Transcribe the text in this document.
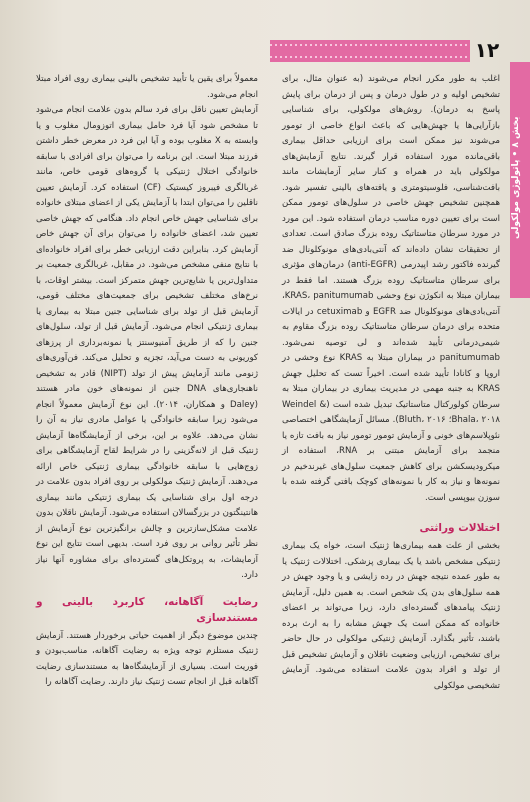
۱۲
بخش ۸ • پاتولوژی مولکولی

اغلب به طور مکرر انجام می‌شوند (به عنوان مثال، برای تشخیص اولیه و در طول درمان و پس از درمان برای پایش پاسخ به درمان). روش‌های مولکولی، برای شناسایی بازآرایی‌ها یا جهش‌هایی که باعث انواع خاصی از تومور می‌شوند نیز ممکن است برای ارزیابی حداقل بیماری باقی‌مانده مورد استفاده قرار گیرند. نتایج آزمایش‌های مولکولی باید در همراه و کنار سایر آزمایشات مانند بافت‌شناسی، فلوسیتومتری و یافته‌های بالینی تفسیر شود. همچنین تشخیص جهش خاصی در سلول‌های تومور ممکن است برای تعیین دوره مناسب درمان استفاده شود. این مورد در مورد سرطان متاستاتیک روده بزرگ صادق است. تعدادی از تحقیقات نشان داده‌اند که آنتی‌بادی‌های مونوکلونال ضد گیرنده فاکتور رشد اپیدرمی (anti-EGFR) درمان‌های مؤثری برای سرطان متاستاتیک روده بزرگ هستند. اما فقط در بیماران مبتلا به انکوژن نوع وحشی KRAS، panitumumab، آنتی‌بادی‌های مونوکلونال ضد EGFR و cetuximab در ایالات متحده برای درمان سرطان متاستاتیک روده بزرگ مقاوم به شیمی‌درمانی تأیید شده‌اند و لی توصیه نمی‌شود. panitumumab در بیماران مبتلا به KRAS نوع وحشی در اروپا و کانادا تأیید شده است. اخیراً تست که تحلیل جهش KRAS به جنبه مهمی در مدیریت بیماری در بیماران مبتلا به سرطان کولورکتال متاستاتیک تبدیل شده است (Weindel & Bhala، ۲۰۱۸؛ Bluth، ۲۰۱۶). مسائل آزمایشگاهی اختصاصی نئوپلاسم‌های خونی و آزمایش تومور تومور نیاز به بافت تازه یا منجمد برای آزمایش مبتنی بر RNA، استفاده از میکرودیسکشن برای کاهش جمعیت سلول‌های غیرندخیم در نمونه‌ها و نیاز به کار با نمونه‌های کوچک بافتی گرفته شده با سوزن بیوپسی است.

اختلالات وراثتی

بخشی از علت همه بیماری‌ها ژنتیک است، خواه یک بیماری ژنتیکی مشخص باشد یا یک بیماری پزشکی. اختلالات ژنتیک یا به طور عمده نتیجه جهش در رده زایشی و یا وجود جهش در همه سلول‌های بدن یک شخص است. به همین دلیل، آزمایش ژنتیک پیامدهای گسترده‌ای دارد، زیرا می‌تواند بر اعضای خانواده که ممکن است یک جهش مشابه را به ارث برده باشند، تأثیر بگذارد. آزمایش ژنتیکی مولکولی در حال حاضر برای تشخیص، ارزیابی وضعیت ناقلان و آزمایش تشخیص قبل از تولد و افراد بدون علامت استفاده می‌شود. آزمایش تشخیصی مولکولی

معمولاً برای یقین یا تأیید تشخیص بالینی بیماری روی افراد مبتلا انجام می‌شود.

آزمایش تعیین ناقل برای فرد سالم بدون علامت انجام می‌شود تا مشخص شود آیا فرد حامل بیماری اتوزومال مغلوب و یا وابسته به X مغلوب بوده و آیا این فرد در معرض خطر داشتن فرزند مبتلا است. این برنامه را می‌توان برای افرادی با سابقه خانوادگی اختلال ژنتیکی یا گروه‌های قومی خاص، مانند غربالگری فیبروز کیستیک (CF) استفاده کرد. آزمایش تعیین ناقلین را می‌توان ابتدا با آزمایش یکی از اعضای مبتلای خانواده برای شناسایی جهش خاص انجام داد. هنگامی که جهش خاصی تعیین شد، اعضای خانواده را می‌توان برای آن جهش خاص آزمایش کرد. بنابراین دقت ارزیابی خطر برای افراد خانواده‌ای با نتایج منفی مشخص می‌شود. در مقابل، غربالگری جمعیت بر متداول‌ترین یا شایع‌ترین جهش متمرکز است. بیشتر اوقات، با نرخ‌های مختلف تشخیص برای جمعیت‌های مختلف قومی، آزمایش قبل از تولد برای شناسایی جنین مبتلا به بیماری یا بیماری ژنتیکی انجام می‌شود. آزمایش قبل از تولد، سلول‌های جنین را که از طریق آمنیوسنتز یا نمونه‌برداری از پرزهای کوریونی به دست می‌آید، تجزیه و تحلیل می‌کند. فن‌آوری‌های ژنومی مانند آزمایش پیش از تولد (NIPT) قادر به تشخیص ناهنجاری‌های DNA جنین از نمونه‌های خون مادر هستند (Daley و همکاران، ۲۰۱۴). این نوع آزمایش معمولاً انجام می‌شود زیرا سابقه خانوادگی یا عوامل مادری نیاز به آن را نشان می‌دهد. علاوه بر این، برخی از آزمایشگاه‌ها آزمایش ژنتیک قبل از لانه‌گزینی را در شرایط لقاح آزمایشگاهی برای زوج‌هایی با سابقه خانوادگی بیماری ژنتیکی خاص ارائه می‌دهند. آزمایش ژنتیک مولکولی بر روی افراد بدون علامت در درجه اول برای شناسایی یک بیماری ژنتیکی مانند بیماری هانتینگتون در بزرگسالان استفاده می‌شود. آزمایش ناقلان بدون علامت مشکل‌سازترین و چالش برانگیزترین نوع آزمایش از نظر تأثیر روانی بر روی فرد است. بدیهی است نتایج این نوع آزمایشات، به پروتکل‌های گسترده‌ای برای مشاوره آنها نیاز دارد.

رضایت آگاهانه، کاربرد بالینی و مستندسازی

چندین موضوع دیگر از اهمیت حیاتی برخوردار هستند. آزمایش ژنتیک مستلزم توجه ویژه به رضایت آگاهانه، مناسب‌بودن و فوریت است. بسیاری از آزمایشگاه‌ها به مستندسازی رضایت آگاهانه قبل از انجام تست ژنتیک نیاز دارند. رضایت آگاهانه را
